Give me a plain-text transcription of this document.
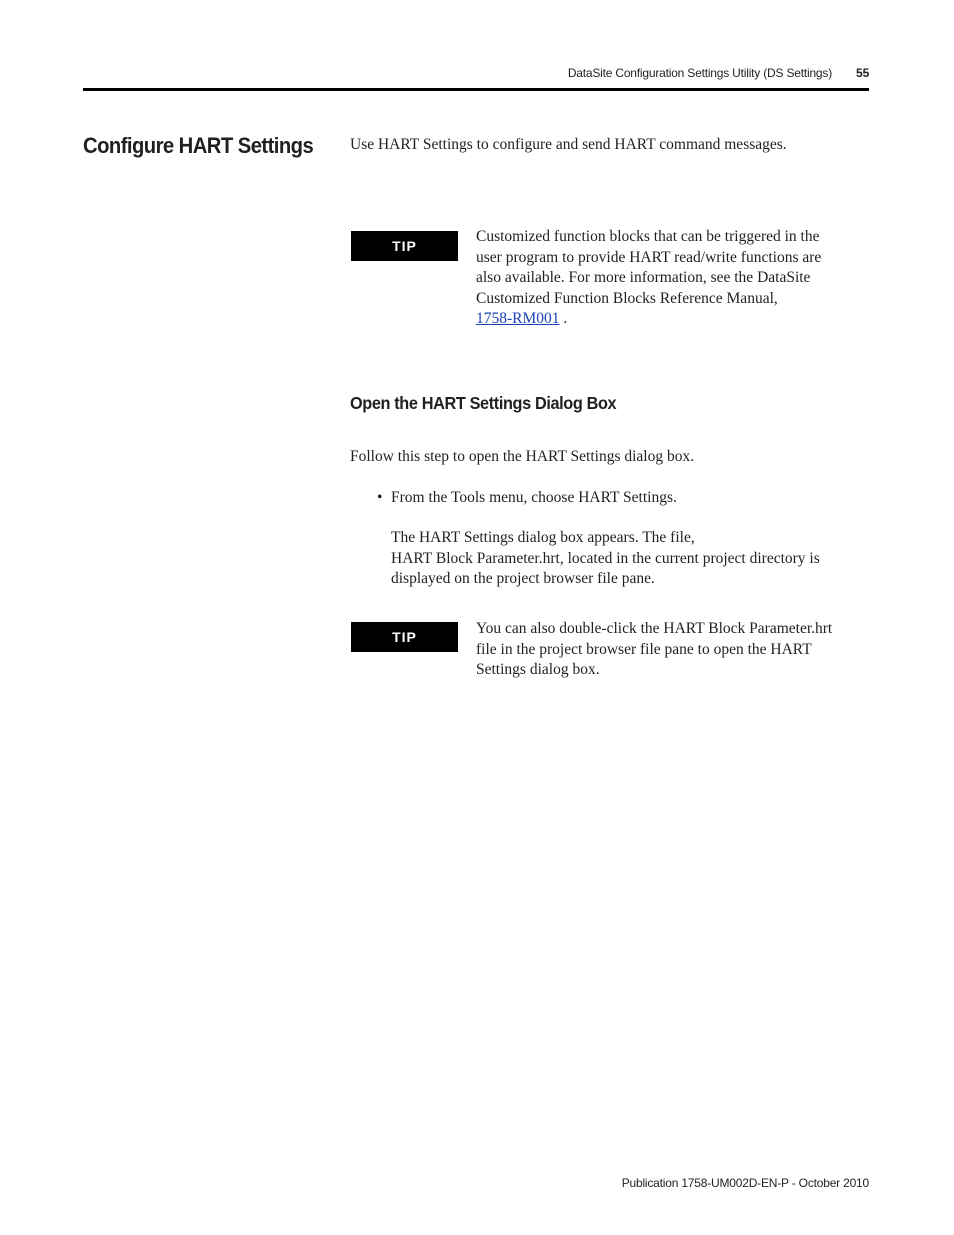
DataSite Configuration Settings Utility (DS Settings) 55
Configure HART Settings Use HART Settings to configure and send HART command messages.
TIP
Customized function blocks that can be triggered in the
user program to provide HART read/write functions are
also available. For more information, see the DataSite
Customized Function Blocks Reference Manual,
1758-RM001 .
Open the HART Settings Dialog Box
Follow this step to open the HART Settings dialog box.
• From the Tools menu, choose HART Settings.
The HART Settings dialog box appears. The file,
HART Block Parameter.hrt, located in the current project directory is
displayed on the project browser file pane.
TIP	You can also double-click the HART Block Parameter.hrt
file in the project browser file pane to open the HART
Settings dialog box.
Publication 1758-UM002D-EN-P - October 2010
